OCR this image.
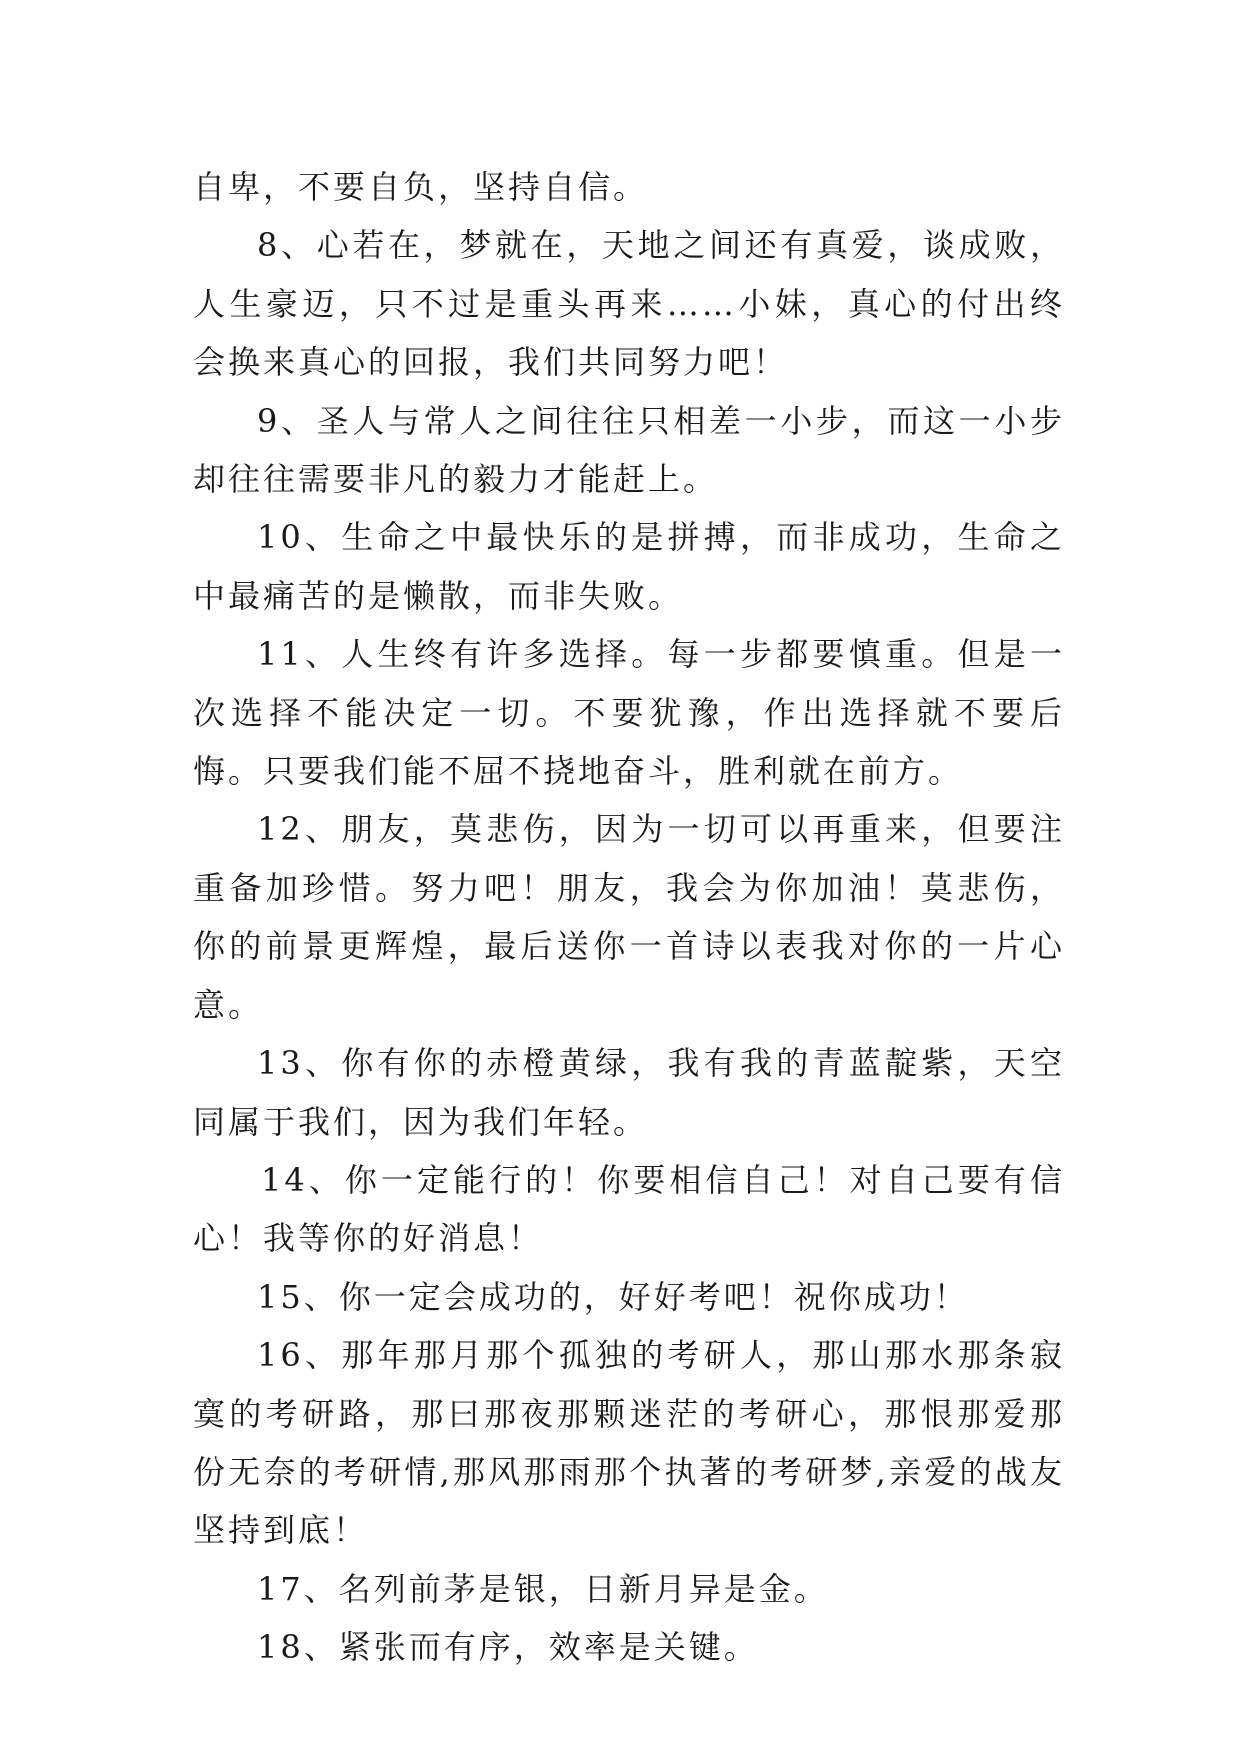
自卑，不要自负，坚持自信。

8、心若在，梦就在，天地之间还有真爱，谈成败，人生豪迈，只不过是重头再来……小妹，真心的付出终会换来真心的回报，我们共同努力吧！

9、圣人与常人之间往往只相差一小步，而这一小步却往往需要非凡的毅力才能赶上。

10、生命之中最快乐的是拼搏，而非成功，生命之中最痛苦的是懒散，而非失败。

11、人生终有许多选择。每一步都要慎重。但是一次选择不能决定一切。不要犹豫，作出选择就不要后悔。只要我们能不屈不挠地奋斗，胜利就在前方。

12、朋友，莫悲伤，因为一切可以再重来，但要注重备加珍惜。努力吧！朋友，我会为你加油！莫悲伤，你的前景更辉煌，最后送你一首诗以表我对你的一片心意。

13、你有你的赤橙黄绿，我有我的青蓝靛紫，天空同属于我们，因为我们年轻。

14、你一定能行的！你要相信自己！对自己要有信心！我等你的好消息！

15、你一定会成功的，好好考吧！祝你成功！

16、那年那月那个孤独的考研人，那山那水那条寂寞的考研路，那曰那夜那颗迷茫的考研心，那恨那爱那份无奈的考研情,那风那雨那个执著的考研梦,亲爱的战友坚持到底！

17、名列前茅是银，日新月异是金。

18、紧张而有序，效率是关键。
